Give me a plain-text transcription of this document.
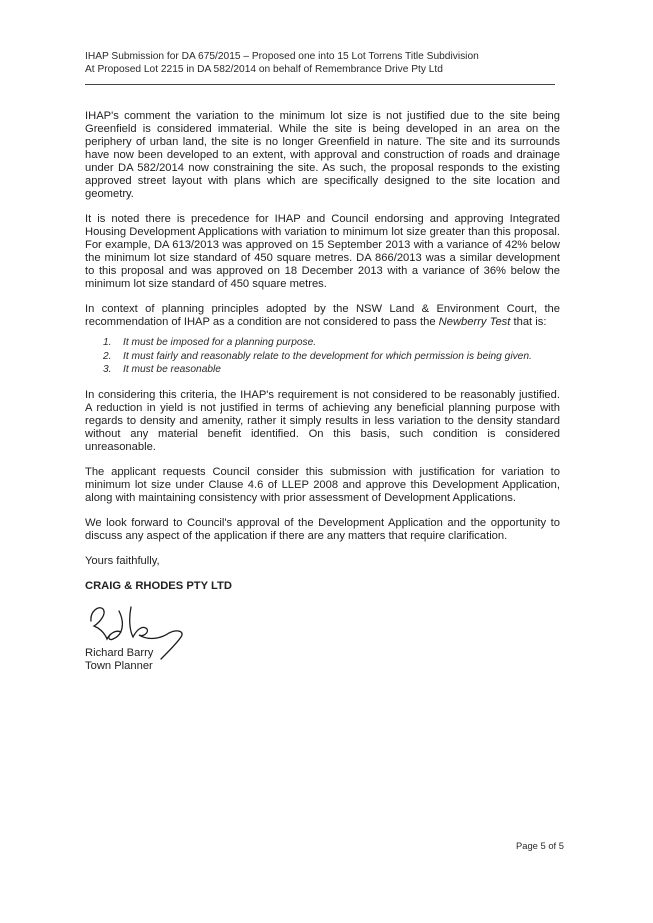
IHAP Submission for DA 675/2015 – Proposed one into 15 Lot Torrens Title Subdivision
At Proposed Lot 2215 in DA 582/2014 on behalf of Remembrance Drive Pty Ltd

IHAP's comment the variation to the minimum lot size is not justified due to the site being Greenfield is considered immaterial. While the site is being developed in an area on the periphery of urban land, the site is no longer Greenfield in nature. The site and its surrounds have now been developed to an extent, with approval and construction of roads and drainage under DA 582/2014 now constraining the site. As such, the proposal responds to the existing approved street layout with plans which are specifically designed to the site location and geometry.

It is noted there is precedence for IHAP and Council endorsing and approving Integrated Housing Development Applications with variation to minimum lot size greater than this proposal. For example, DA 613/2013 was approved on 15 September 2013 with a variance of 42% below the minimum lot size standard of 450 square metres. DA 866/2013 was a similar development to this proposal and was approved on 18 December 2013 with a variance of 36% below the minimum lot size standard of 450 square metres.

In context of planning principles adopted by the NSW Land & Environment Court, the recommendation of IHAP as a condition are not considered to pass the Newberry Test that is:

1. It must be imposed for a planning purpose.
2. It must fairly and reasonably relate to the development for which permission is being given.
3. It must be reasonable

In considering this criteria, the IHAP's requirement is not considered to be reasonably justified. A reduction in yield is not justified in terms of achieving any beneficial planning purpose with regards to density and amenity, rather it simply results in less variation to the density standard without any material benefit identified. On this basis, such condition is considered unreasonable.

The applicant requests Council consider this submission with justification for variation to minimum lot size under Clause 4.6 of LLEP 2008 and approve this Development Application, along with maintaining consistency with prior assessment of Development Applications.

We look forward to Council's approval of the Development Application and the opportunity to discuss any aspect of the application if there are any matters that require clarification.

Yours faithfully,

CRAIG & RHODES PTY LTD

Richard Barry

Town Planner

Page 5 of 5
